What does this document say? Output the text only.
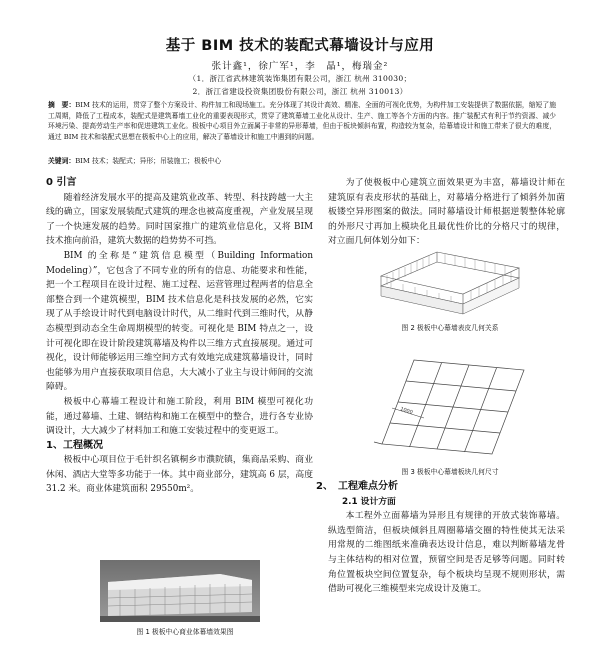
基于 BIM 技术的装配式幕墙设计与应用
张计鑫¹，徐广军¹，李　晶¹，梅瑞金²
（1．浙江省武林建筑装饰集团有限公司，浙江 杭州 310030；
2．浙江省建设投资集团股份有限公司，浙江 杭州 310013）
摘　要：BIM 技术的运用，贯穿了整个方案设计、构件加工和现场施工。充分体现了其设计高效、精准、全面的可视化优势，为构件加工安装提供了数据依据，缩短了施工周期，降低了工程成本，装配式是建筑幕墙工业化的重要表现形式，贯穿了建筑幕墙工业化从设计、生产、施工等各个方面的内容。推广装配式有利于节约资源、减少环境污染、提高劳动生产率和促进建筑工业化。极板中心项目外立面属于非常的异形幕墙，但由于板块倾斜布置，构造较为复杂，给幕墙设计和施工带来了很大的难度，通过 BIM 技术和装配式思想在极板中心上的应用，解决了幕墙设计和施工中遇到的问题。
关键词：BIM 技术；装配式；异形；吊装施工；极板中心
0 引言

随着经济发展水平的提高及建筑业改革、转型、科技跨越一大主线的确立，国家发展装配式建筑的理念也被高度重视，产业发展呈现了一个快速发展的趋势。同时国家推广的建筑业信息化，又将 BIM 技术推向前沿，建筑大数据的趋势势不可挡。

BIM 的全称是“建筑信息模型（Building Information Modeling）”，它包含了不同专业的所有的信息、功能要求和性能，把一个工程项目在设计过程、施工过程、运营管理过程两者的信息全部整合到一个建筑模型，BIM 技术信息化是科技发展的必然，它实现了从手绘设计时代到电脑设计时代，从二维时代到三维时代，从静态模型到动态全生命周期模型的转变。可视化是 BIM 特点之一，设计可视化即在设计阶段建筑幕墙及构件以三维方式直接展现。通过可视化，设计师能够运用三维空间方式有效地完成建筑幕墙设计，同时也能够为用户直接获取项目信息，大大减小了业主与设计师间的交流障碍。

极板中心幕墙工程设计和施工阶段，利用 BIM 模型可视化功能，通过幕墙、土建、钢结构和施工在模型中的整合，进行各专业协调设计，大大减少了材料加工和施工安装过程中的变更返工。

1、工程概况

极板中心项目位于毛针织名镇桐乡市濮院镇，集商品采购、商业休闲、酒店大堂等多功能于一体。其中商业部分，建筑高 6 层，高度 31.2 米。商业体建筑面积 29550m²。

图 1 极板中心商业体幕墙效果图

为了使极板中心建筑立面效果更为丰富，幕墙设计师在建筑原有表皮形状的基础上，对幕墙分格进行了倾斜外加菌板镂空异形图案的做法。同时幕墙设计师根据逆製整体轮廓的外形尺寸再加上模块化且最优性价比的分格尺寸的规律，对立面几何体划分如下：

图 2 极板中心幕墙表皮几何关系
1000
图 3 极板中心幕墙板块几何尺寸
2、　工程难点分析
2.1 设计方面

本工程外立面幕墙为异形且有规律的开放式装饰幕墙。纵选型简洁，但板块倾斜且周圈幕墙交圈的特性使其无法采用常规的二维图纸来准确表达设计信息，难以判断幕墙龙骨与主体结构的相对位置，预留空间是否足够等问题。同时转角位置板块空间位置复杂，每个板块均呈现不规则形状，需借助可视化三维模型来完成设计及施工。
